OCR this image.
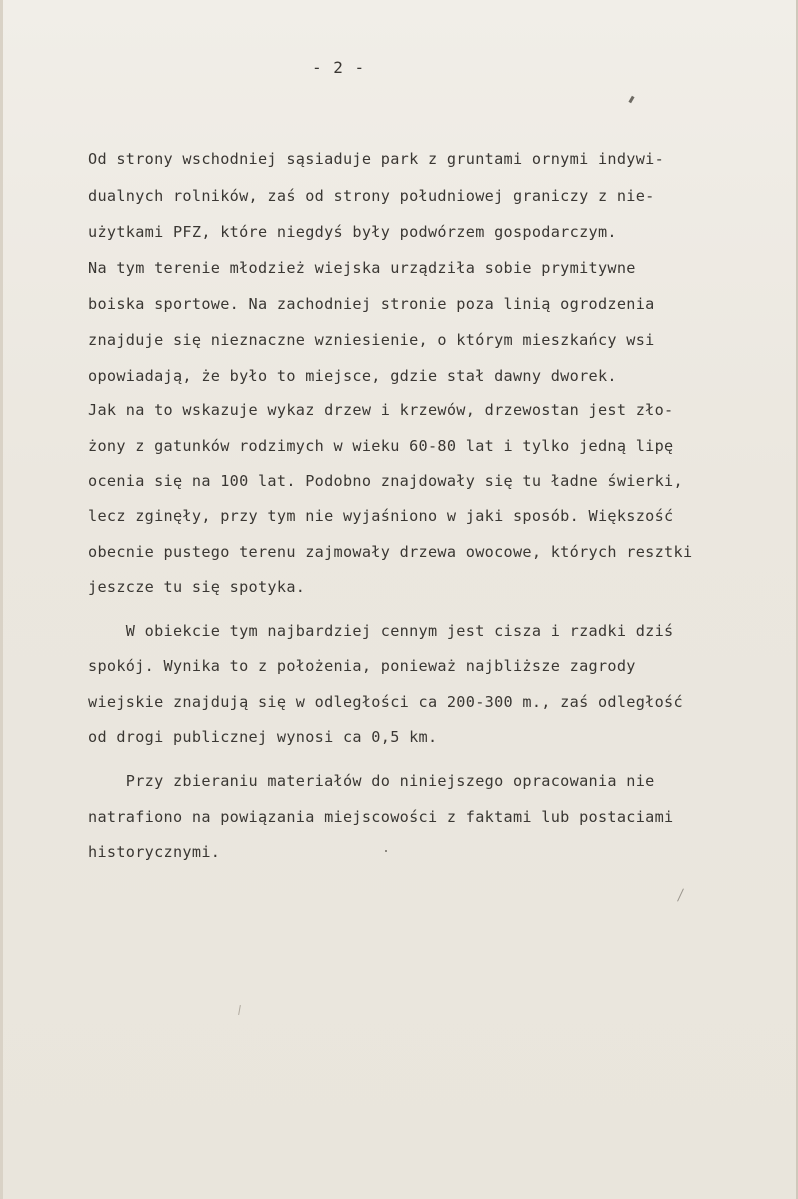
- 2 -
Od strony wschodniej sąsiaduje park z gruntami ornymi indywi-
dualnych rolników, zaś od strony południowej graniczy z nie-
użytkami PFZ, które niegdyś były podwórzem gospodarczym.
Na tym terenie młodzież wiejska urządziła sobie prymitywne
boiska sportowe. Na zachodniej stronie poza linią ogrodzenia
znajduje się nieznaczne wzniesienie, o którym mieszkańcy wsi
opowiadają, że było to miejsce, gdzie stał dawny dworek.
Jak na to wskazuje wykaz drzew i krzewów, drzewostan jest zło-
żony z gatunków rodzimych w wieku 60-80 lat i tylko jedną lipę
ocenia się na 100 lat. Podobno znajdowały się tu ładne świerki,
lecz zginęły, przy tym nie wyjaśniono w jaki sposób. Większość
obecnie pustego terenu zajmowały drzewa owocowe, których resztki
jeszcze tu się spotyka.
W obiekcie tym najbardziej cennym jest cisza i rzadki dziś
spokój. Wynika to z położenia, ponieważ najbliższe zagrody
wiejskie znajdują się w odległości ca 200-300 m., zaś odległość
od drogi publicznej wynosi ca 0,5 km.
Przy zbieraniu materiałów do niniejszego opracowania nie
natrafiono na powiązania miejscowości z faktami lub postaciami
historycznymi.
